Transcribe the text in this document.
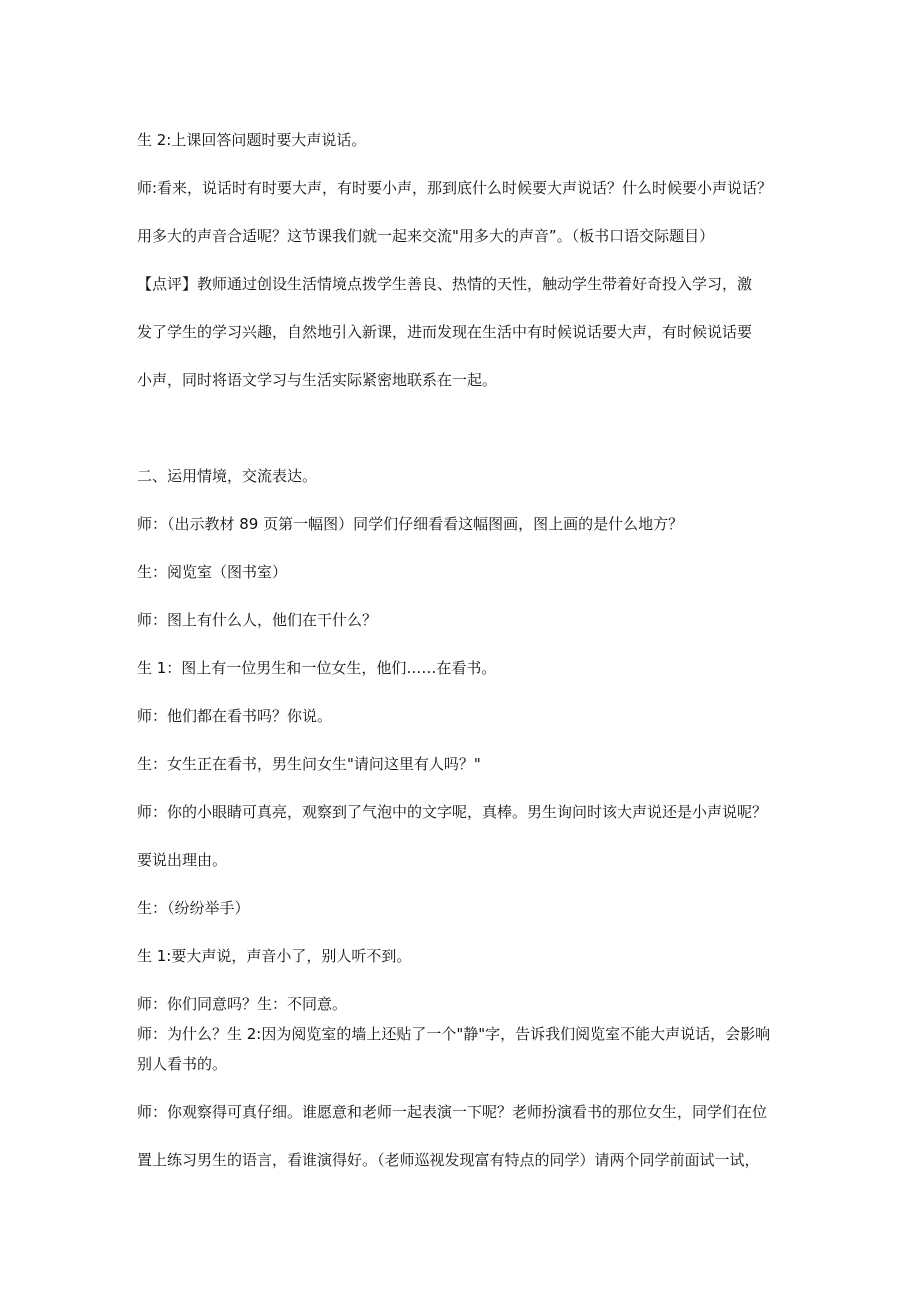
生 2:上课回答问题时要大声说话。
师:看来，说话时有时要大声，有时要小声，那到底什么时候要大声说话？什么时候要小声说话？
用多大的声音合适呢？这节课我们就一起来交流"用多大的声音”。（板书口语交际题目）
【点评】教师通过创设生活情境点拨学生善良、热情的天性，触动学生带着好奇投入学习，激
发了学生的学习兴趣，自然地引入新课，进而发现在生活中有时候说话要大声，有时候说话要
小声，同时将语文学习与生活实际紧密地联系在一起。
二、运用情境，交流表达。
师：（出示教材 89 页第一幅图）同学们仔细看看这幅图画，图上画的是什么地方？
生：阅览室（图书室）
师：图上有什么人，他们在干什么？
生 1：图上有一位男生和一位女生，他们……在看书。
师：他们都在看书吗？你说。
生：女生正在看书，男生问女生"请问这里有人吗？"
师：你的小眼睛可真亮，观察到了气泡中的文字呢，真棒。男生询问时该大声说还是小声说呢？
要说出理由。
生：（纷纷举手）
生 1:要大声说，声音小了，别人听不到。
师：你们同意吗？生：不同意。
师：为什么？生 2:因为阅览室的墙上还贴了一个"静"字，告诉我们阅览室不能大声说话，会影响
别人看书的。
师：你观察得可真仔细。谁愿意和老师一起表演一下呢？老师扮演看书的那位女生，同学们在位
置上练习男生的语言，看谁演得好。（老师巡视发现富有特点的同学）请两个同学前面试一试，
